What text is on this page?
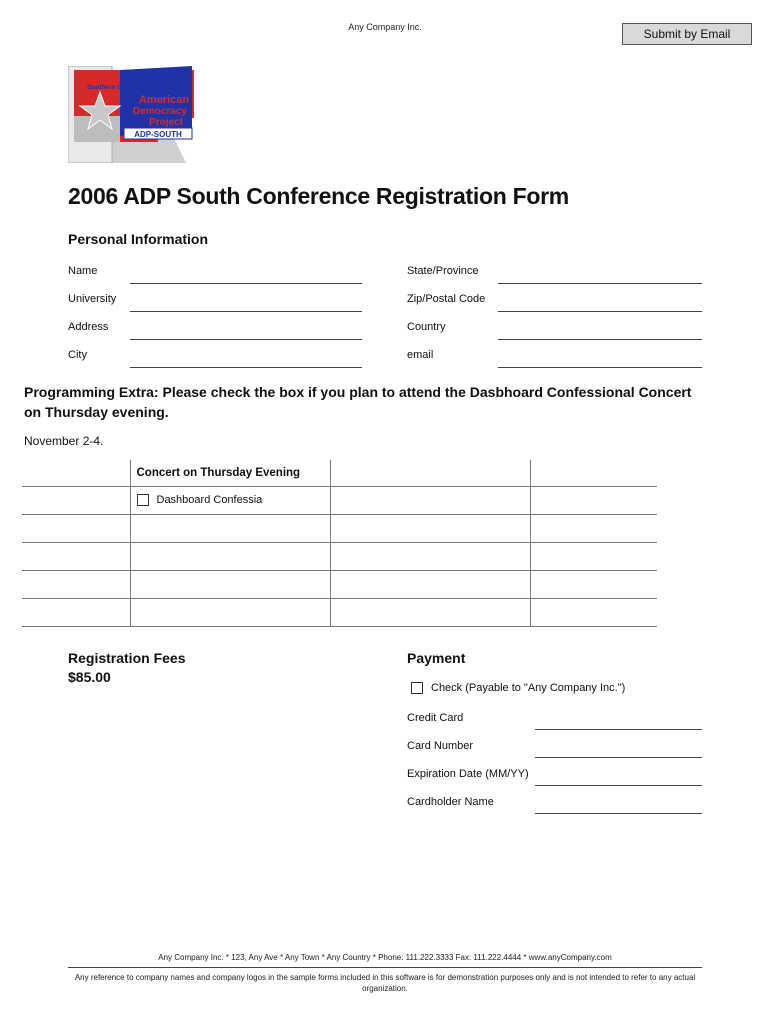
Any Company Inc.	Submit by Email
Southern Consortium of the
American
Democracy
Project
ADP-SOUTH
2006 ADP South Conference Registration Form
Personal Information
Name
University
Address
City
State/Province
Zip/Postal Code
Country
email
Programming Extra: Please check the box if you plan to attend the Dasbhoard Confessional Concert on Thursday evening.
November 2-4.
	Concert on Thursday Evening		
	Dashboard Confessia		

Registration Fees
$85.00
Payment
Check (Payable to "Any Company Inc.")
Credit Card
Card Number
Expiration Date (MM/YY)
Cardholder Name
Any Company Inc. * 123, Any Ave * Any Town * Any Country * Phone: 111.222.3333 Fax: 111.222.4444 * www.anyCompany.com
Any reference to company names and company logos in the sample forms included in this software is for demonstration purposes only and is not intended to refer to any actual organization.
